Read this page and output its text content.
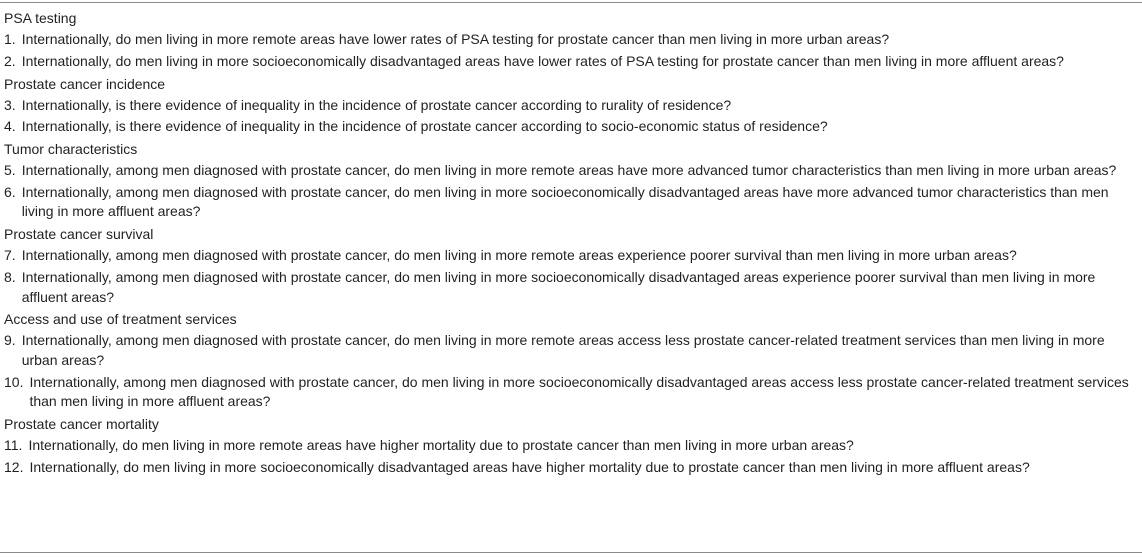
PSA testing
1. Internationally, do men living in more remote areas have lower rates of PSA testing for prostate cancer than men living in more urban areas?
2. Internationally, do men living in more socioeconomically disadvantaged areas have lower rates of PSA testing for prostate cancer than men living in more affluent areas?
Prostate cancer incidence
3. Internationally, is there evidence of inequality in the incidence of prostate cancer according to rurality of residence?
4. Internationally, is there evidence of inequality in the incidence of prostate cancer according to socio-economic status of residence?
Tumor characteristics
5. Internationally, among men diagnosed with prostate cancer, do men living in more remote areas have more advanced tumor characteristics than men living in more urban areas?
6. Internationally, among men diagnosed with prostate cancer, do men living in more socioeconomically disadvantaged areas have more advanced tumor characteristics than men living in more affluent areas?
Prostate cancer survival
7. Internationally, among men diagnosed with prostate cancer, do men living in more remote areas experience poorer survival than men living in more urban areas?
8. Internationally, among men diagnosed with prostate cancer, do men living in more socioeconomically disadvantaged areas experience poorer survival than men living in more affluent areas?
Access and use of treatment services
9. Internationally, among men diagnosed with prostate cancer, do men living in more remote areas access less prostate cancer-related treatment services than men living in more urban areas?
10. Internationally, among men diagnosed with prostate cancer, do men living in more socioeconomically disadvantaged areas access less prostate cancer-related treatment services than men living in more affluent areas?
Prostate cancer mortality
11. Internationally, do men living in more remote areas have higher mortality due to prostate cancer than men living in more urban areas?
12. Internationally, do men living in more socioeconomically disadvantaged areas have higher mortality due to prostate cancer than men living in more affluent areas?
